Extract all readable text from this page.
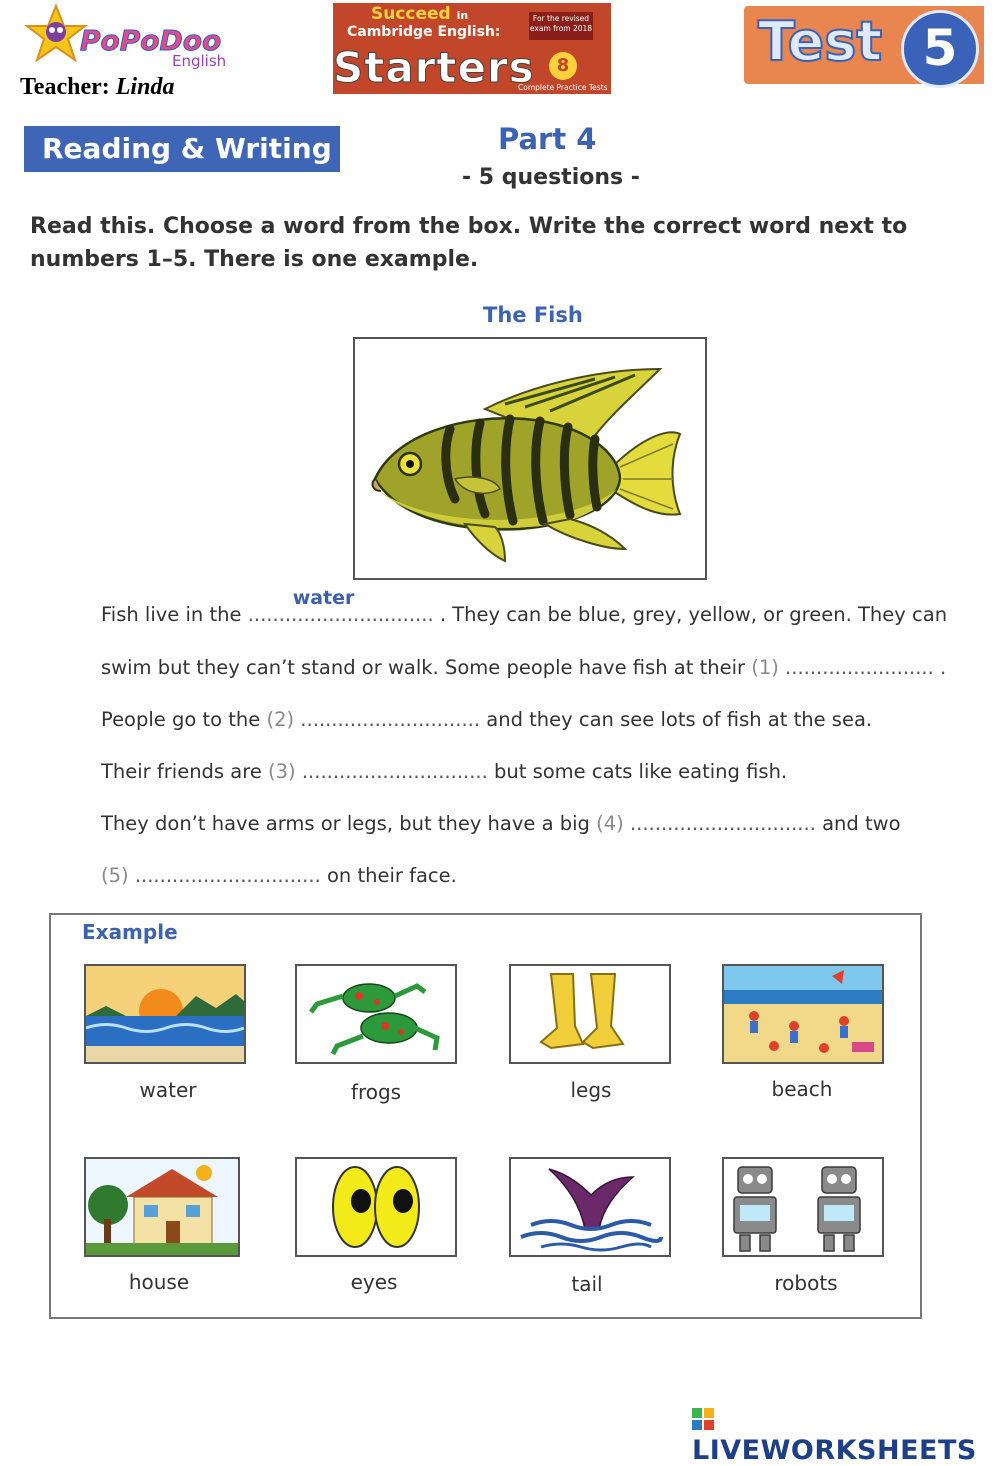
PoPoDoo
English
Teacher: Linda
Succeed in
Cambridge English:
For the revised exam from 2018
Starters	8
Complete Practice Tests
Test 5
Reading & Writing	Part 4
- 5 questions -
Read this. Choose a word from the box. Write the correct word next to numbers 1–5. There is one example.
The Fish
Fish live in the ..............................
water
. They can be blue, grey, yellow, or green. They can
swim but they can’t stand or walk. Some people have fish at their (1) ........................ .
People go to the (2) ............................. and they can see lots of fish at the sea.
Their friends are (3) .............................. but some cats like eating fish.
They don’t have arms or legs, but they have a big (4) .............................. and two
(5) .............................. on their face.
Example
water	frogs	legs	beach
house	eyes	tail	robots
LIVEWORKSHEETS
